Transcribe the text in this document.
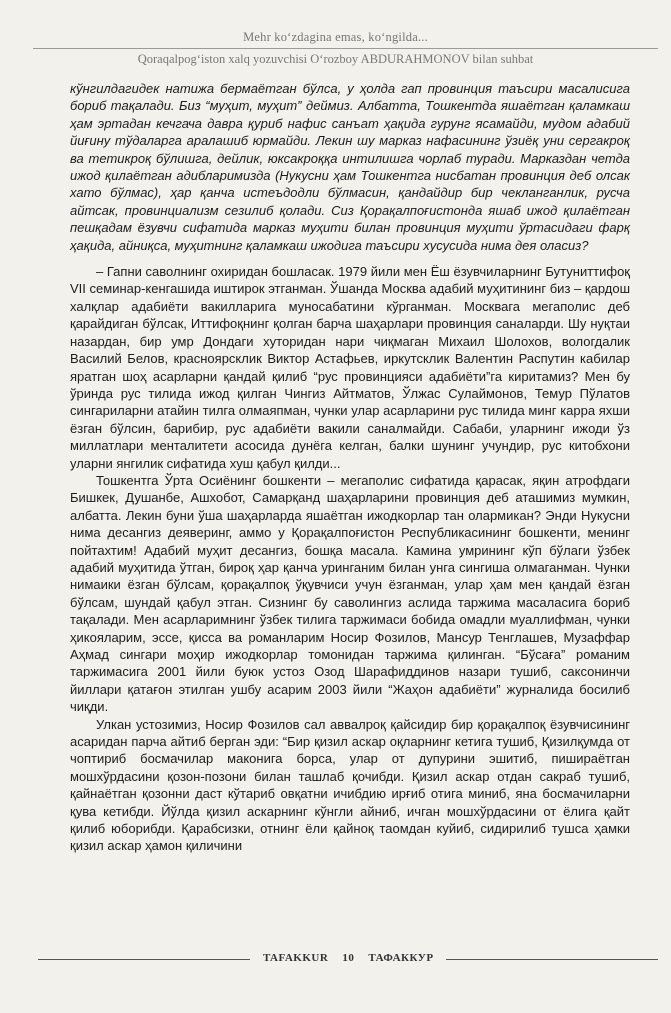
Mehr ko‘zdagina emas, ko‘ngilda...
Qoraqalpog‘iston xalq yozuvchisi O‘rozboy ABDURAHMONOV bilan suhbat

кўнгилдагидек натижа бермаётган бўлса, у ҳолда гап провинция таъсири масалисига бориб тақалади. Биз “муҳит, муҳит” деймиз. Албатта, Тошкентда яшаётган қаламкаш ҳам эртадан кечгача давра қуриб нафис санъат ҳақида гурунг ясамайди, мудом адабий йиғину тўдаларга аралашиб юрмайди. Лекин шу марказ нафасининг ўзиёқ уни сергакроқ ва тетикроқ бўлишга, дейлик, юксакроққа интилишга чорлаб туради. Марказдан четда ижод қилаётган адибларимизда (Нукусни ҳам Тошкентга нисбатан провинция деб олсак хато бўлмас), ҳар қанча истеъдодли бўлмасин, қандайдир бир чекланганлик, русча айтсак, провинциализм сезилиб қолади. Сиз Қорақалпоғистонда яшаб ижод қилаётган пешқадам ёзувчи сифатида марказ муҳити билан провинция муҳити ўртасидаги фарқ ҳақида, айниқса, муҳитнинг қаламкаш ижодига таъсири хусусида нима дея оласиз?

– Гапни саволнинг охиридан бошласак. 1979 йили мен Ёш ёзувчиларнинг Бутуниттифоқ VII семинар-кенгашида иштирок этганман. Ўшанда Москва адабий муҳитининг биз – қардош халқлар адабиёти вакилларига муносабатини кўрганман. Москвага мегаполис деб қарайдиган бўлсак, Иттифоқнинг қолган барча шаҳарлари провинция саналарди. Шу нуқтаи назардан, бир умр Дондаги хуторидан нари чиқмаган Михаил Шолохов, вологдалик Василий Белов, красноярсклик Виктор Астафьев, иркутсклик Валентин Распутин кабилар яратган шоҳ асарларни қандай қилиб “рус провинцияси адабиёти”га киритамиз? Мен бу ўринда рус тилида ижод қилган Чингиз Айтматов, Ўлжас Сулаймонов, Темур Пўлатов сингариларни атайин тилга олмаяпман, чунки улар асарларини рус тилида минг карра яхши ёзган бўлсин, барибир, рус адабиёти вакили саналмайди. Сабаби, уларнинг ижоди ўз миллатлари менталитети асосида дунёга келган, балки шунинг учундир, рус китобхони уларни янгилик сифатида хуш қабул қилди...

Тошкентга Ўрта Осиёнинг бошкенти – мегаполис сифатида қарасак, яқин атрофдаги Бишкек, Душанбе, Ашхобот, Самарқанд шаҳарларини провинция деб аташимиз мумкин, албатта. Лекин буни ўша шаҳарларда яшаётган ижодкорлар тан олармикан? Энди Нукусни нима десангиз деяверинг, аммо у Қорақалпоғистон Республикасининг бошкенти, менинг пойтахтим! Адабий муҳит десангиз, бошқа масала. Камина умрининг кўп бўлаги ўзбек адабий муҳитида ўтган, бироқ ҳар қанча уринганим билан унга сингиша олмаганман. Чунки нимаики ёзган бўлсам, қорақалпоқ ўқувчиси учун ёзганман, улар ҳам мен қандай ёзган бўлсам, шундай қабул этган. Сизнинг бу саволингиз аслида таржима масаласига бориб тақалади. Мен асарларимнинг ўзбек тилига таржимаси бобида омадли муаллифман, чунки ҳикояларим, эссе, қисса ва романларим Носир Фозилов, Мансур Тенглашев, Музаффар Аҳмад сингари моҳир ижодкорлар томонидан таржима қилинган. “Бўсаға” романим таржимасига 2001 йили буюк устоз Озод Шарафиддинов назари тушиб, саксонинчи йиллари қатағон этилган ушбу асарим 2003 йили “Жаҳон адабиёти” журналида босилиб чиқди.

Улкан устозимиз, Носир Фозилов сал аввалроқ қайсидир бир қорақалпоқ ёзувчисининг асаридан парча айтиб берган эди: “Бир қизил аскар оқларнинг кетига тушиб, Қизилқумда от чоптириб босмачилар маконига борса, улар от дупурини эшитиб, пишираётган мошхўрдасини қозон-позони билан ташлаб қочибди. Қизил аскар отдан сакраб тушиб, қайнаётган қозонни даст кўтариб овқатни ичибдию ирғиб отига миниб, яна босмачиларни қува кетибди. Йўлда қизил аскарнинг кўнгли айниб, ичган мошхўрдасини от ёлига қайт қилиб юборибди. Қарабсизки, отнинг ёли қайноқ таомдан куйиб, сидирилиб тушса ҳамки қизил аскар ҳамон қиличини

TAFAKKUR 10 ТАФАККУР
